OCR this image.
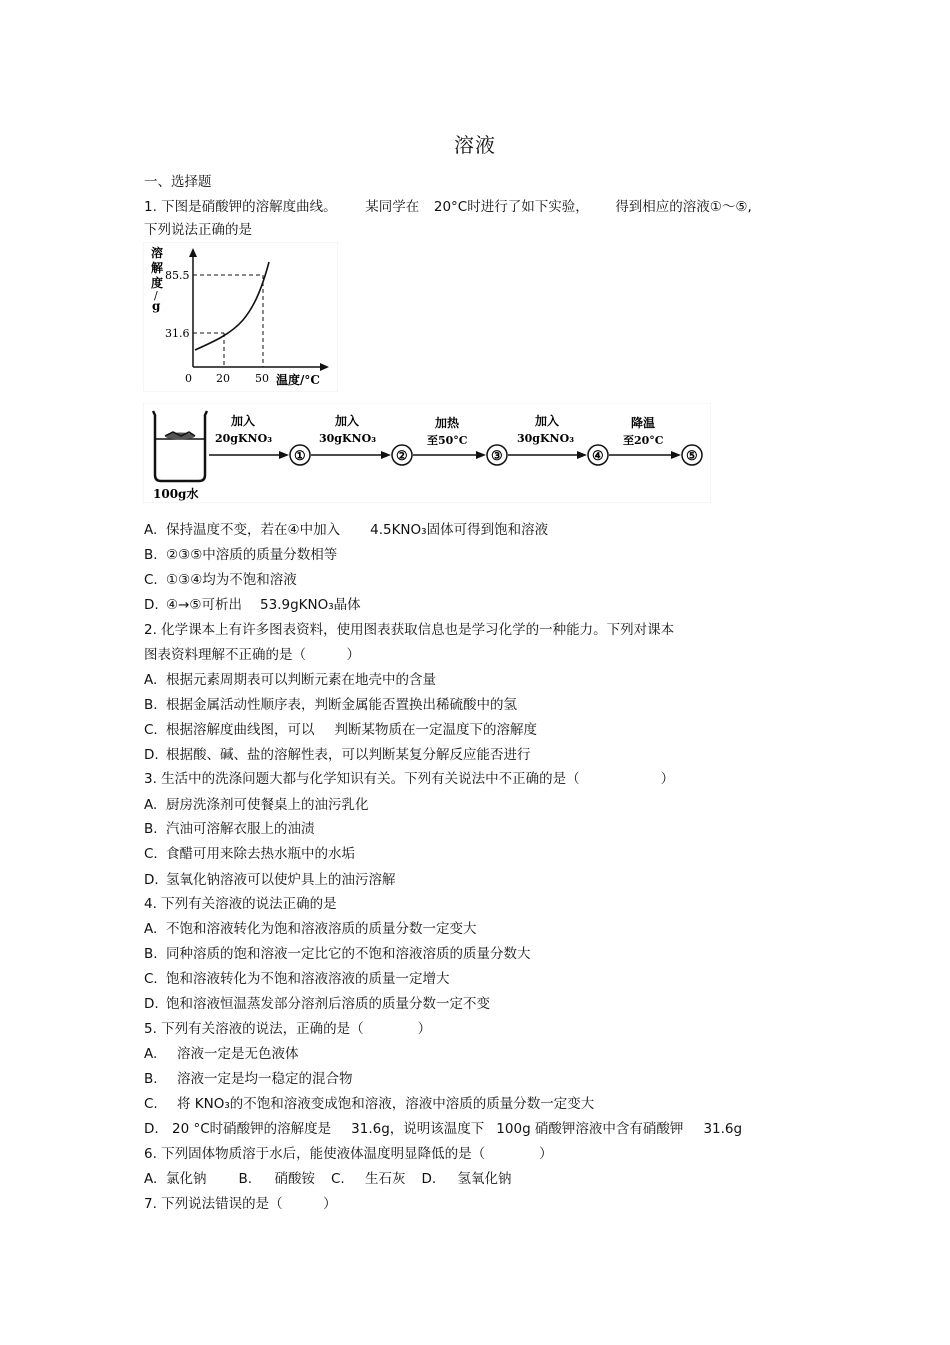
溶液
一、选择题
1. 下图是硝酸钾的溶解度曲线。 某同学在 20°C时进行了如下实验， 得到相应的溶液①～⑤,
下列说法正确的是
溶
解
度
/
g
85.5
31.6
0 20 50 温度/°C
100g水
加入
20gKNO₃
①
加入
30gKNO₃
②
加热
至50°C
③
加入
30gKNO₃
④
降温
至20°C
⑤
A. 保持温度不变，若在④中加入 4.5KNO₃固体可得到饱和溶液
B. ②③⑤中溶质的质量分数相等
C. ①③④均为不饱和溶液
D. ④→⑤可析出 53.9gKNO₃晶体
2. 化学课本上有许多图表资料，使用图表获取信息也是学习化学的一种能力。下列对课本
图表资料理解不正确的是（　　　）
A. 根据元素周期表可以判断元素在地壳中的含量
B. 根据金属活动性顺序表，判断金属能否置换出稀硫酸中的氢
C. 根据溶解度曲线图，可以 判断某物质在一定温度下的溶解度
D. 根据酸、碱、盐的溶解性表，可以判断某复分解反应能否进行
3. 生活中的洗涤问题大都与化学知识有关。下列有关说法中不正确的是（　　　　　　）
A. 厨房洗涤剂可使餐桌上的油污乳化
B. 汽油可溶解衣服上的油渍
C. 食醋可用来除去热水瓶中的水垢
D. 氢氧化钠溶液可以使炉具上的油污溶解
4. 下列有关溶液的说法正确的是
A. 不饱和溶液转化为饱和溶液溶质的质量分数一定变大
B. 同种溶质的饱和溶液一定比它的不饱和溶液溶质的质量分数大
C. 饱和溶液转化为不饱和溶液溶液的质量一定增大
D. 饱和溶液恒温蒸发部分溶剂后溶质的质量分数一定不变
5. 下列有关溶液的说法，正确的是（　　　　）
A. 溶液一定是无色液体
B. 溶液一定是均一稳定的混合物
C. 将 KNO₃的不饱和溶液变成饱和溶液，溶液中溶质的质量分数一定变大
D. 20 °C时硝酸钾的溶解度是 31.6g，说明该温度下 100g 硝酸钾溶液中含有硝酸钾 31.6g
6. 下列固体物质溶于水后，能使液体温度明显降低的是（　　　　）
A. 氯化钠 B. 硝酸铵 C. 生石灰 D. 氢氧化钠
7. 下列说法错误的是（　　　）
